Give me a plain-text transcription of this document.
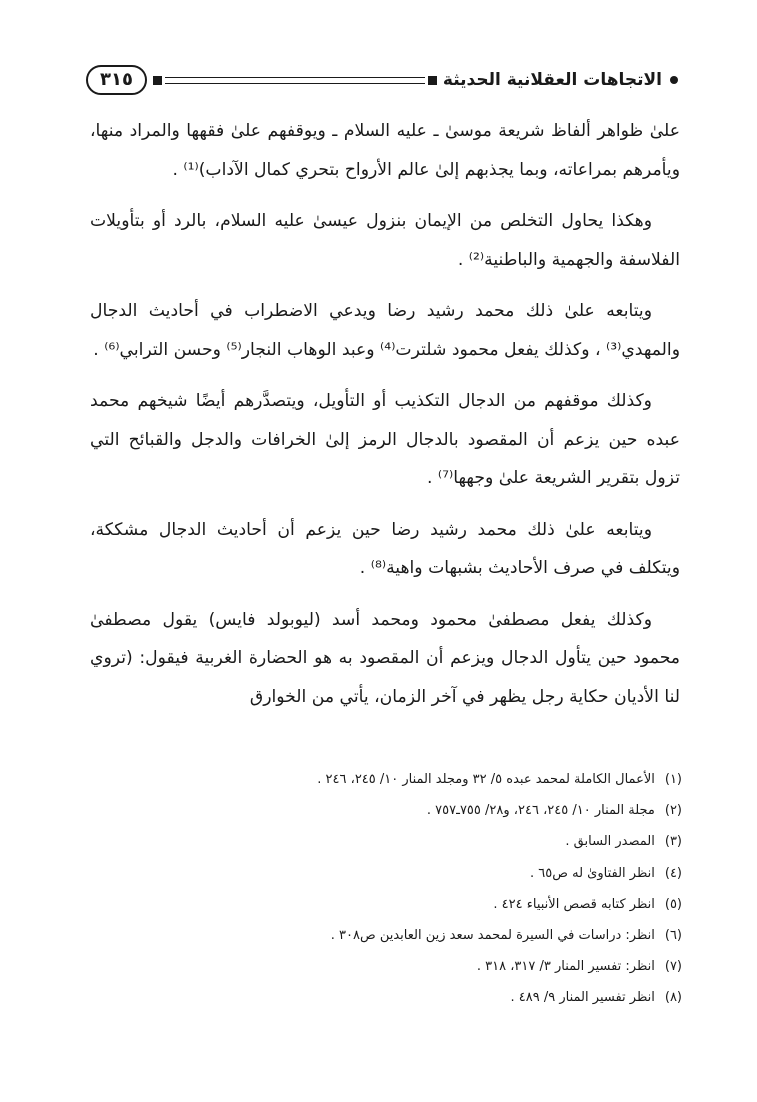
الاتجاهات العقلانية الحديثة
٣١٥

علىٰ ظواهر ألفاظ شريعة موسىٰ ـ عليه السلام ـ ويوقفهم علىٰ فقهها والمراد منها، ويأمرهم بمراعاته، وبما يجذبهم إلىٰ عالم الأرواح بتحري كمال الآداب)⁽¹⁾ .

وهكذا يحاول التخلص من الإيمان بنزول عيسىٰ عليه السلام، بالرد أو بتأويلات الفلاسفة والجهمية والباطنية⁽²⁾ .

ويتابعه علىٰ ذلك محمد رشيد رضا ويدعي الاضطراب في أحاديث الدجال والمهدي⁽³⁾ ، وكذلك يفعل محمود شلترت⁽⁴⁾ وعبد الوهاب النجار⁽⁵⁾ وحسن الترابي⁽⁶⁾ .

وكذلك موقفهم من الدجال التكذيب أو التأويل، ويتصدَّرهم أيضًا شيخهم محمد عبده حين يزعم أن المقصود بالدجال الرمز إلىٰ الخرافات والدجل والقبائح التي تزول بتقرير الشريعة علىٰ وجهها⁽⁷⁾ .

ويتابعه علىٰ ذلك محمد رشيد رضا حين يزعم أن أحاديث الدجال مشككة، ويتكلف في صرف الأحاديث بشبهات واهية⁽⁸⁾ .

وكذلك يفعل مصطفىٰ محمود ومحمد أسد (ليوبولد فايس) يقول مصطفىٰ محمود حين يتأول الدجال ويزعم أن المقصود به هو الحضارة الغربية فيقول: (تروي لنا الأديان حكاية رجل يظهر في آخر الزمان، يأتي من الخوارق

(١)الأعمال الكاملة لمحمد عبده ٥/ ٣٢ ومجلد المنار ١٠/ ٢٤٥، ٢٤٦ .
(٢)مجلة المنار ١٠/ ٢٤٥، ٢٤٦، و٢٨/ ٧٥٥ـ٧٥٧ .
(٣)المصدر السابق .
(٤)انظر الفتاوىٰ له ص٦٥ .
(٥)انظر كتابه قصص الأنبياء ٤٢٤ .
(٦)انظر: دراسات في السيرة لمحمد سعد زين العابدين ص٣٠٨ .
(٧)انظر: تفسير المنار ٣/ ٣١٧، ٣١٨ .
(٨)انظر تفسير المنار ٩/ ٤٨٩ .
